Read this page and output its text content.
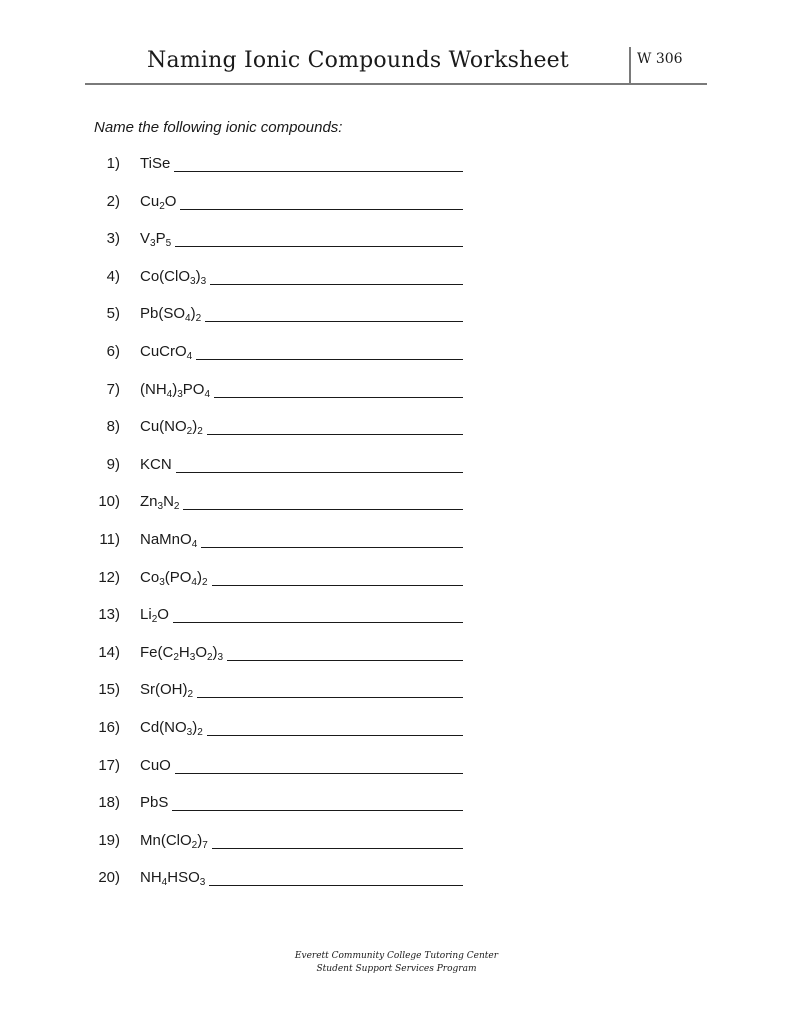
Naming Ionic Compounds Worksheet	W 306
Name the following ionic compounds:
1) TiSe
2) $Cu_2O$
3) $V_3P_5$
4) $Co(ClO_3)_3$
5) $Pb(SO_4)_2$
6) CuCrO$_4$
7) $(NH_4)_3PO_4$
8) $Cu(NO_2)_2$
9) KCN
10) $Zn_3N_2$
11) NaMnO$_4$
12) $Co_3(PO_4)_2$
13) $Li_2O$
14) $Fe(C_2H_3O_2)_3$
15) $Sr(OH)_2$
16) $Cd(NO_3)_2$
17) CuO
18) PbS
19) $Mn(ClO_2)_7$
20) $NH_4HSO_3$
Everett Community College Tutoring Center
Student Support Services Program
